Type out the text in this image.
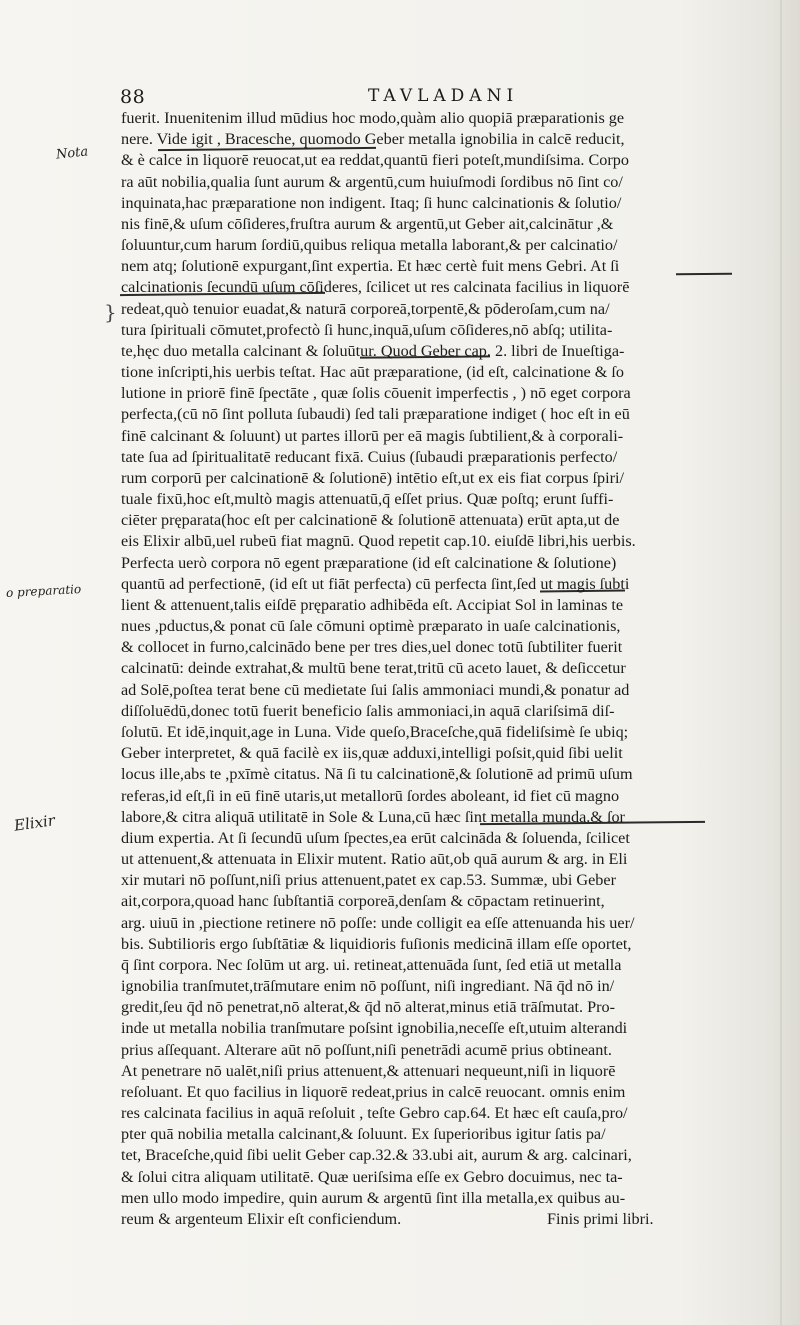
88	TAVLADANI
Nota
o preparatio
Elixir
}
fuerit. Inuenitenim illud mūdius hoc modo,quàm alio quopiā præparationis ge
nere. Vide igit , Bracesche, quomodo Geber metalla ignobilia in calcē reducit,
& è calce in liquorē reuocat,ut ea reddat,quantū fieri poteſt,mundiſsima. Corpo
ra aūt nobilia,qualia ſunt aurum & argentū,cum huiuſmodi ſordibus nō ſint co/
inquinata,hac præparatione non indigent. Itaq; ſi hunc calcinationis & ſolutio/
nis finē,& uſum cōſideres,fruſtra aurum & argentū,ut Geber ait,calcinātur ,&
ſoluuntur,cum harum ſordiū,quibus reliqua metalla laborant,& per calcinatio/
nem atq; ſolutionē expurgant,ſint expertia. Et hæc certè fuit mens Gebri. At ſi
calcinationis ſecundū uſum cōſideres, ſcilicet ut res calcinata facilius in liquorē
redeat,quò tenuior euadat,& naturā corporeā,torpentē,& pōderoſam,cum na/
tura ſpirituali cōmutet,profectò ſi hunc,inquā,uſum cōſideres,nō abſq; utilita-
te,hęc duo metalla calcinant & ſoluūtur. Quod Geber cap. 2. libri de Inueſtiga-
tione inſcripti,his uerbis teſtat. Hac aūt præparatione, (id eſt, calcinatione & ſo
lutione in priorē finē ſpectāte , quæ ſolis cōuenit imperfectis , ) nō eget corpora
perfecta,(cū nō ſint polluta ſubaudi) ſed tali præparatione indiget ( hoc eſt in eū
finē calcinant & ſoluunt) ut partes illorū per eā magis ſubtilient,& à corporali-
tate ſua ad ſpiritualitatē reducant fixā. Cuius (ſubaudi præparationis perfecto/
rum corporū per calcinationē & ſolutionē) intētio eſt,ut ex eis fiat corpus ſpiri/
tuale fixū,hoc eſt,multò magis attenuatū,q̄ eſſet prius. Quæ poſtq; erunt ſuffi-
ciēter pręparata(hoc eſt per calcinationē & ſolutionē attenuata) erūt apta,ut de
eis Elixir albū,uel rubeū fiat magnū. Quod repetit cap.10. eiuſdē libri,his uerbis.
Perfecta uerò corpora nō egent præparatione (id eſt calcinatione & ſolutione)
quantū ad perfectionē, (id eſt ut fiāt perfecta) cū perfecta ſint,ſed ut magis ſubti
lient & attenuent,talis eiſdē pręparatio adhibēda eſt. Accipiat Sol in laminas te
nues ,pductus,& ponat cū ſale cōmuni optimè præparato in uaſe calcinationis,
& collocet in furno,calcinādo bene per tres dies,uel donec totū ſubtiliter fuerit
calcinatū: deinde extrahat,& multū bene terat,tritū cū aceto lauet, & deſiccetur
ad Solē,poſtea terat bene cū medietate ſui ſalis ammoniaci mundi,& ponatur ad
diſſoluēdū,donec totū fuerit beneficio ſalis ammoniaci,in aquā clariſsimā diſ-
ſolutū. Et idē,inquit,age in Luna. Vide queſo,Braceſche,quā fideliſsimè ſe ubiq;
Geber interpretet, & quā facilè ex iis,quæ adduxi,intelligi poſsit,quid ſibi uelit
locus ille,abs te ,pxīmè citatus. Nā ſi tu calcinationē,& ſolutionē ad primū uſum
referas,id eſt,ſi in eū finē utaris,ut metallorū ſordes aboleant, id fiet cū magno
labore,& citra aliquā utilitatē in Sole & Luna,cū hæc ſint metalla munda.& ſor
dium expertia. At ſi ſecundū uſum ſpectes,ea erūt calcināda & ſoluenda, ſcilicet
ut attenuent,& attenuata in Elixir mutent. Ratio aūt,ob quā aurum & arg. in Eli
xir mutari nō poſſunt,niſi prius attenuent,patet ex cap.53. Summæ, ubi Geber
ait,corpora,quoad hanc ſubſtantiā corporeā,denſam & cōpactam retinuerint,
arg. uiuū in ,piectione retinere nō poſſe: unde colligit ea eſſe attenuanda his uer/
bis. Subtilioris ergo ſubſtātiæ & liquidioris fuſionis medicinā illam eſſe oportet,
q̄ ſint corpora. Nec ſolūm ut arg. ui. retineat,attenuāda ſunt, ſed etiā ut metalla
ignobilia tranſmutet,trāſmutare enim nō poſſunt, niſi ingrediant. Nā q̄d nō in/
gredit,ſeu q̄d nō penetrat,nō alterat,& q̄d nō alterat,minus etiā trāſmutat. Pro-
inde ut metalla nobilia tranſmutare poſsint ignobilia,neceſſe eſt,utuim alterandi
prius aſſequant. Alterare aūt nō poſſunt,niſi penetrādi acumē prius obtineant.
At penetrare nō ualēt,niſi prius attenuent,& attenuari nequeunt,niſi in liquorē
reſoluant. Et quo facilius in liquorē redeat,prius in calcē reuocant. omnis enim
res calcinata facilius in aquā reſoluit , teſte Gebro cap.64. Et hæc eſt cauſa,pro/
pter quā nobilia metalla calcinant,& ſoluunt. Ex ſuperioribus igitur ſatis pa/
tet, Braceſche,quid ſibi uelit Geber cap.32.& 33.ubi ait, aurum & arg. calcinari,
& ſolui citra aliquam utilitatē. Quæ ueriſsima eſſe ex Gebro docuimus, nec ta-
men ullo modo impedire, quin aurum & argentū ſint illa metalla,ex quibus au-
reum & argenteum Elixir eſt conficiendum.	Finis primi libri.
